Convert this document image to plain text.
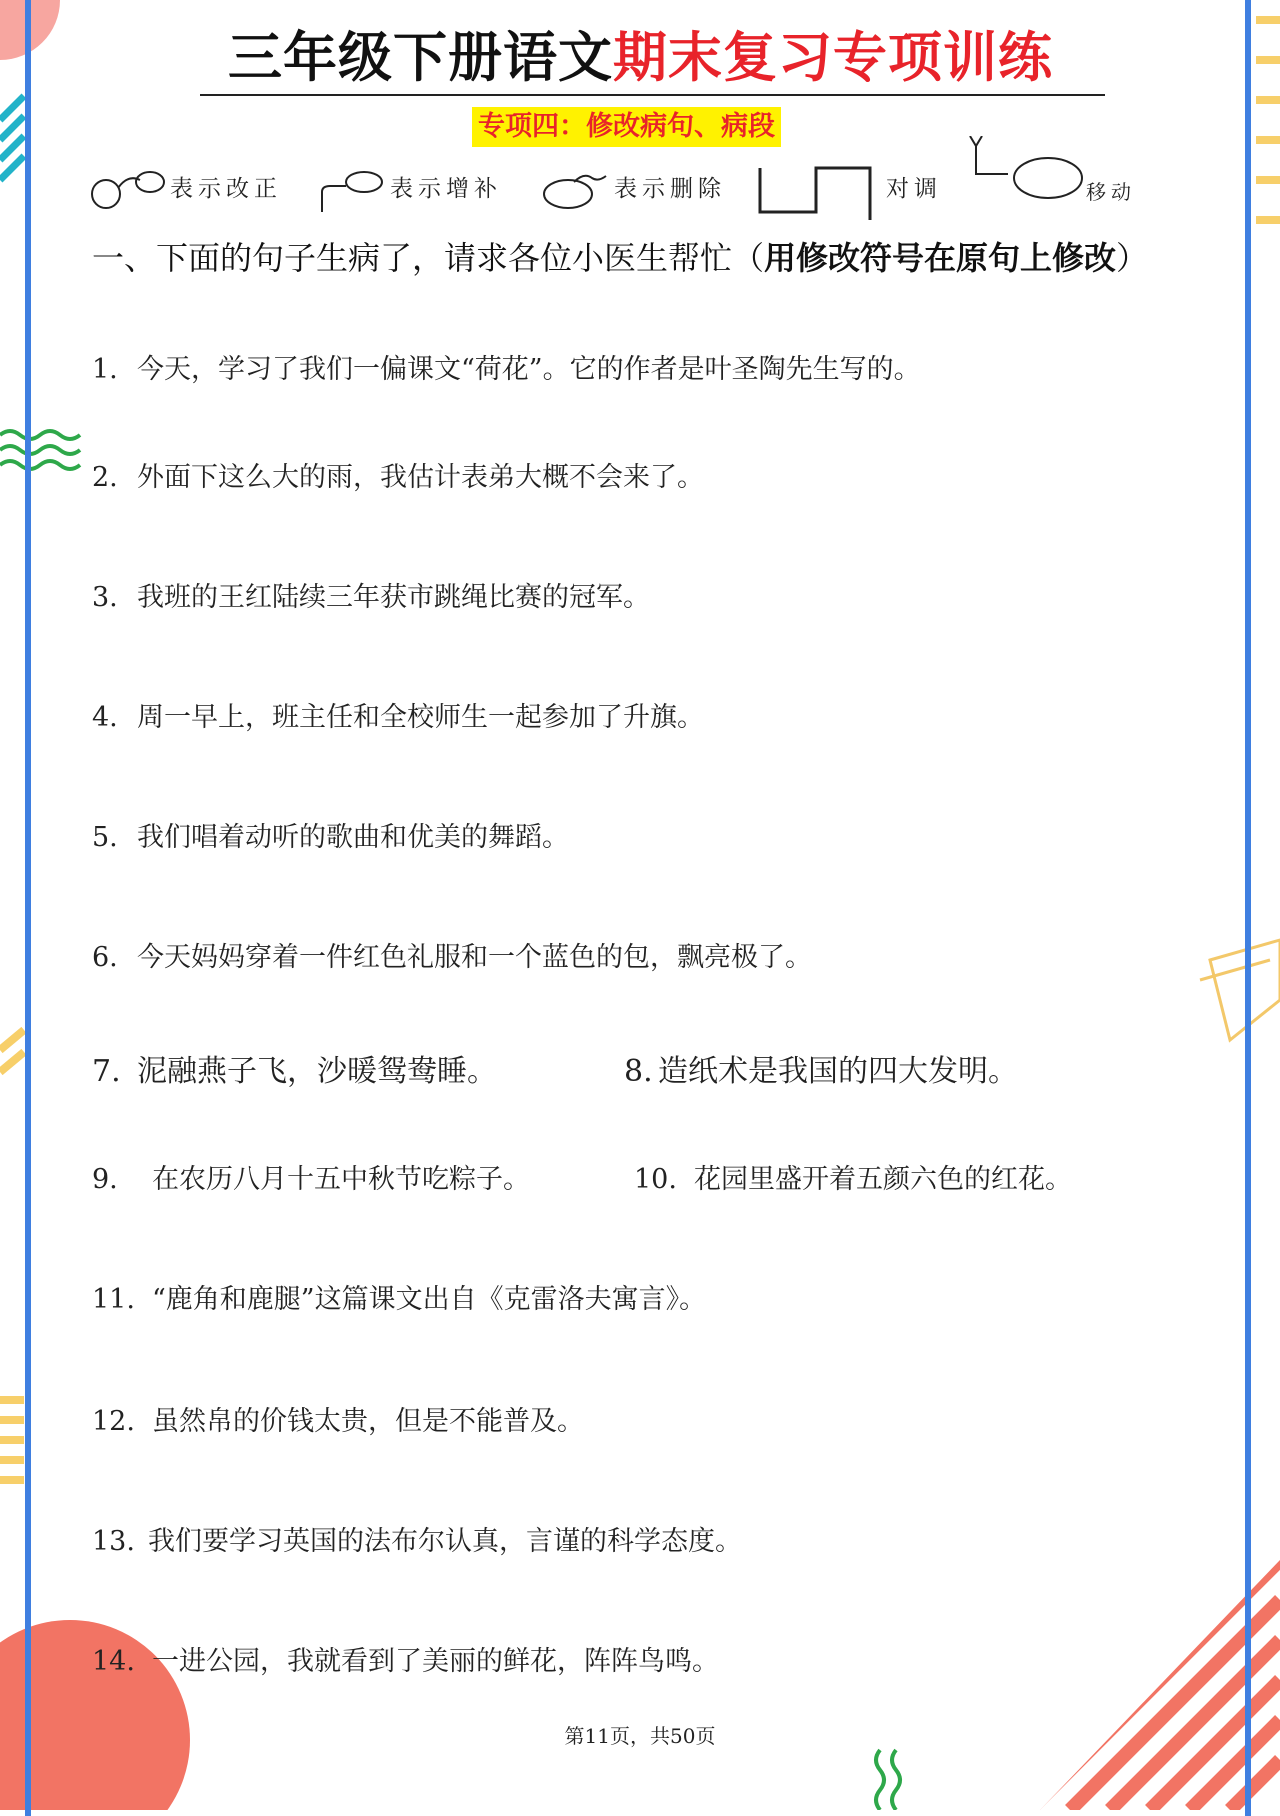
三年级下册语文期末复习专项训练
专项四：修改病句、病段
表示改正	表示增补	表示删除	对调	移动
一、下面的句子生病了，请求各位小医生帮忙（用修改符号在原句上修改）
1. 今天，学习了我们一偏课文“荷花”。它的作者是叶圣陶先生写的。
2. 外面下这么大的雨，我估计表弟大概不会来了。
3. 我班的王红陆续三年获市跳绳比赛的冠军。
4. 周一早上，班主任和全校师生一起参加了升旗。
5. 我们唱着动听的歌曲和优美的舞蹈。
6. 今天妈妈穿着一件红色礼服和一个蓝色的包，飘亮极了。
7. 泥融燕子飞，沙暖鸳鸯睡。	8. 造纸术是我国的四大发明。
9. 在农历八月十五中秋节吃粽子。	10. 花园里盛开着五颜六色的红花。
11. “鹿角和鹿腿”这篇课文出自《克雷洛夫寓言》。
12. 虽然帛的价钱太贵，但是不能普及。
13. 我们要学习英国的法布尔认真，言谨的科学态度。
14. 一进公园，我就看到了美丽的鲜花，阵阵鸟鸣。
第11页，共50页
